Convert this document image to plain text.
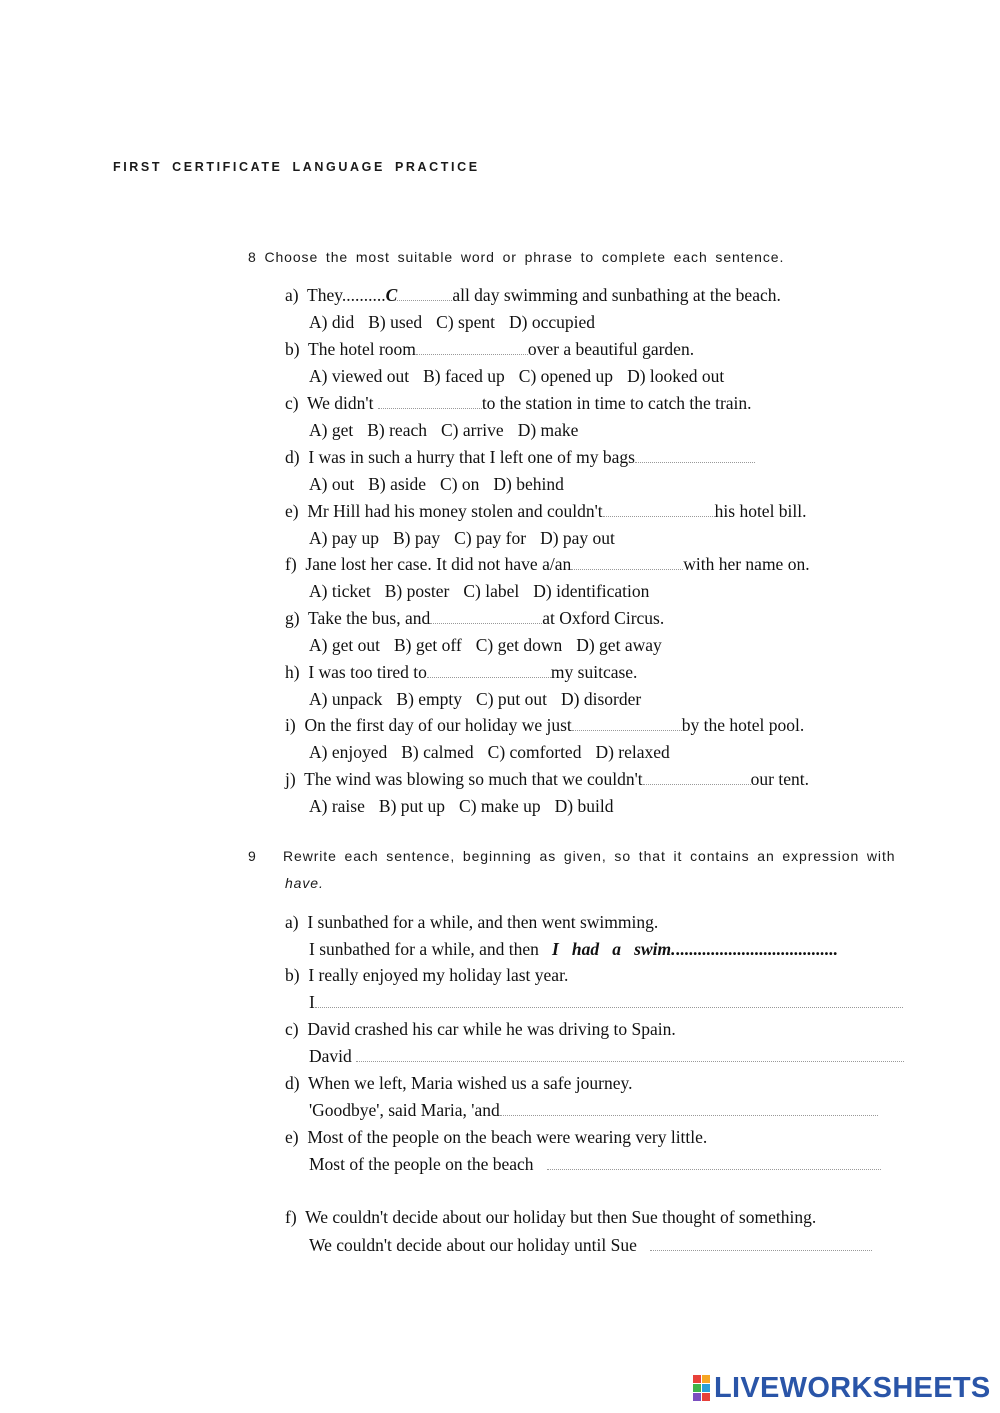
FIRST CERTIFICATE LANGUAGE PRACTICE
8 Choose the most suitable word or phrase to complete each sentence.
a) They..........C	all day swimming and sunbathing at the beach.
A) did B) used C) spent D) occupied
b) The hotel room	over a beautiful garden.
A) viewed out B) faced up C) opened up D) looked out
c) We didn't	to the station in time to catch the train.
A) get B) reach C) arrive D) make
d) I was in such a hurry that I left one of my bags
A) out B) aside C) on D) behind
e) Mr Hill had his money stolen and couldn't	his hotel bill.
A) pay up B) pay C) pay for D) pay out
f) Jane lost her case. It did not have a/an	with her name on.
A) ticket B) poster C) label D) identification
g) Take the bus, and	at Oxford Circus.
A) get out B) get off C) get down D) get away
h) I was too tired to	my suitcase.
A) unpack B) empty C) put out D) disorder
i) On the first day of our holiday we just	by the hotel pool.
A) enjoyed B) calmed C) comforted D) relaxed
j) The wind was blowing so much that we couldn't	our tent.
A) raise B) put up C) make up D) build
9 Rewrite each sentence, beginning as given, so that it contains an expression with
have.
a) I sunbathed for a while, and then went swimming.
I sunbathed for a while, and then I   had   a   swim......................................
b) I really enjoyed my holiday last year.
I
c) David crashed his car while he was driving to Spain.
David
d) When we left, Maria wished us a safe journey.
'Goodbye', said Maria, 'and
e) Most of the people on the beach were wearing very little.
Most of the people on the beach
f) We couldn't decide about our holiday but then Sue thought of something.
We couldn't decide about our holiday until Sue
LIVEWORKSHEETS
